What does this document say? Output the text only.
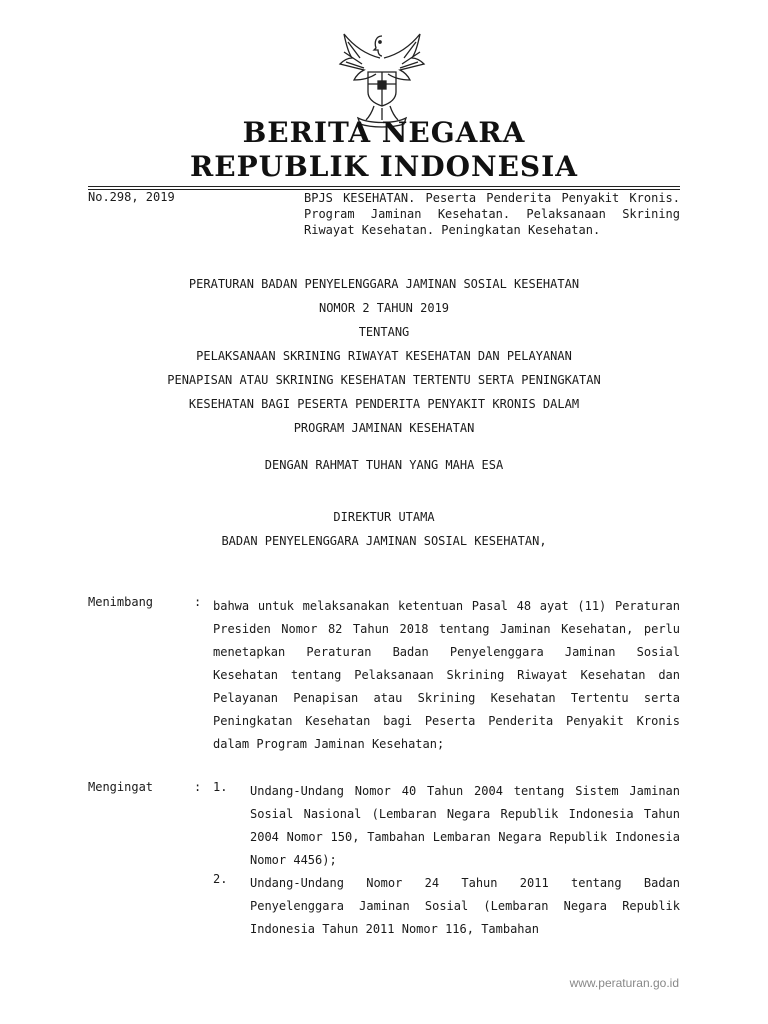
BERITA NEGARA
REPUBLIK INDONESIA
No.298, 2019	BPJS KESEHATAN. Peserta Penderita Penyakit Kronis. Program Jaminan Kesehatan. Pelaksanaan Skrining Riwayat Kesehatan. Peningkatan Kesehatan.
PERATURAN BADAN PENYELENGGARA JAMINAN SOSIAL KESEHATAN
NOMOR 2 TAHUN 2019
TENTANG
PELAKSANAAN SKRINING RIWAYAT KESEHATAN DAN PELAYANAN
PENAPISAN ATAU SKRINING KESEHATAN TERTENTU SERTA PENINGKATAN
KESEHATAN BAGI PESERTA PENDERITA PENYAKIT KRONIS DALAM
PROGRAM JAMINAN KESEHATAN
DENGAN RAHMAT TUHAN YANG MAHA ESA
DIREKTUR UTAMA
BADAN PENYELENGGARA JAMINAN SOSIAL KESEHATAN,
Menimbang	: bahwa untuk melaksanakan ketentuan Pasal 48 ayat (11) Peraturan Presiden Nomor 82 Tahun 2018 tentang Jaminan Kesehatan, perlu menetapkan Peraturan Badan Penyelenggara Jaminan Sosial Kesehatan tentang Pelaksanaan Skrining Riwayat Kesehatan dan Pelayanan Penapisan atau Skrining Kesehatan Tertentu serta Peningkatan Kesehatan bagi Peserta Penderita Penyakit Kronis dalam Program Jaminan Kesehatan;
Mengingat	: 1. Undang-Undang Nomor 40 Tahun 2004 tentang Sistem Jaminan Sosial Nasional (Lembaran Negara Republik Indonesia Tahun 2004 Nomor 150, Tambahan Lembaran Negara Republik Indonesia Nomor 4456);
2. Undang-Undang Nomor 24 Tahun 2011 tentang Badan Penyelenggara Jaminan Sosial (Lembaran Negara Republik Indonesia Tahun 2011 Nomor 116, Tambahan
www.peraturan.go.id
